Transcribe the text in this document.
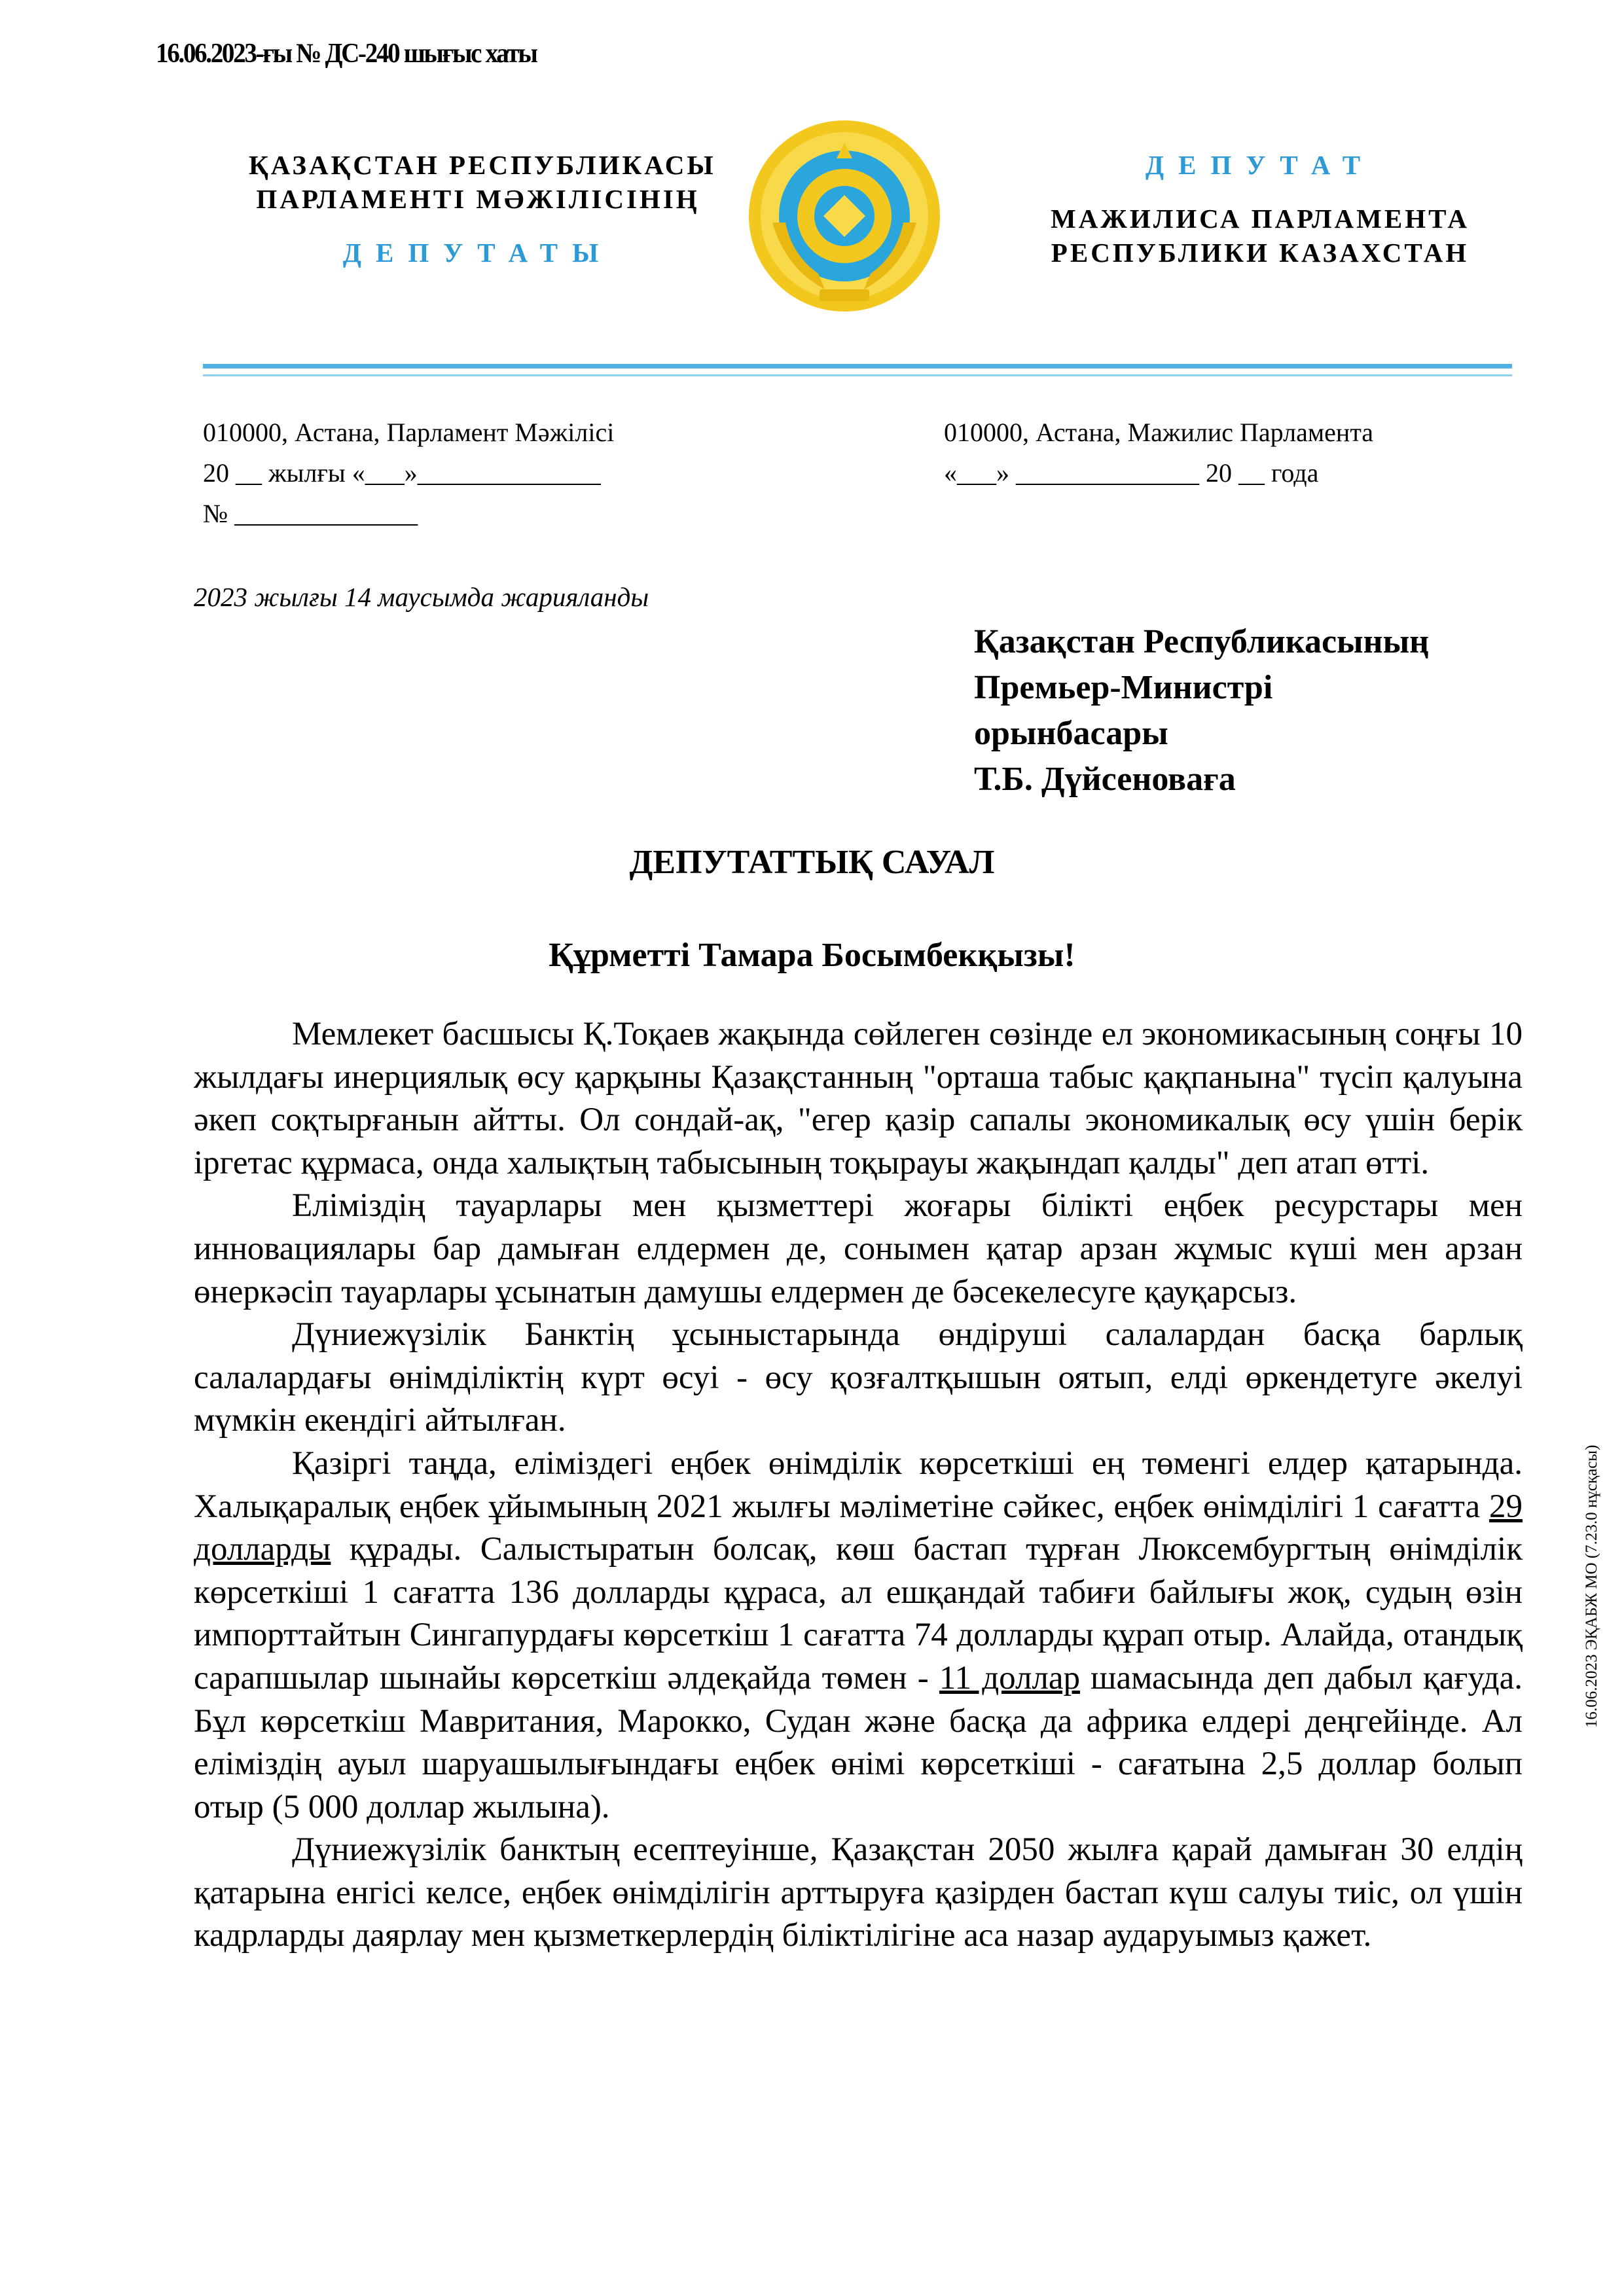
16.06.2023-ғы № ДС-240 шығыс хаты
ҚАЗАҚСТАН РЕСПУБЛИКАСЫ
ПАРЛАМЕНТІ МӘЖІЛІСІНІҢ
ДЕПУТАТЫ
ДЕПУТАТ
МАЖИЛИСА ПАРЛАМЕНТА
РЕСПУБЛИКИ КАЗАХСТАН
010000, Астана, Парламент Мәжілісі
20 __ жылғы «___»______________
№ ______________
010000, Астана, Мажилис Парламента
«___» ______________ 20 __ года
2023 жылғы 14 маусымда жарияланды
Қазақстан Республикасының
Премьер-Министрі
орынбасары
Т.Б. Дүйсеноваға
ДЕПУТАТТЫҚ САУАЛ
Құрметті Тамара Босымбекқызы!

Мемлекет басшысы Қ.Тоқаев жақында сөйлеген сөзінде ел экономикасының соңғы 10 жылдағы инерциялық өсу қарқыны Қазақстанның "орташа табыс қақпанына" түсіп қалуына әкеп соқтырғанын айтты. Ол сондай-ақ, "егер қазір сапалы экономикалық өсу үшін берік іргетас құрмаса, онда халықтың табысының тоқырауы жақындап қалды" деп атап өтті.

Еліміздің тауарлары мен қызметтері жоғары білікті еңбек ресурстары мен инновациялары бар дамыған елдермен де, сонымен қатар арзан жұмыс күші мен арзан өнеркәсіп тауарлары ұсынатын дамушы елдермен де бәсекелесуге қауқарсыз.

Дүниежүзілік Банктің ұсыныстарында өндіруші салалардан басқа барлық салалардағы өнімділіктің күрт өсуі - өсу қозғалтқышын оятып, елді өркендетуге әкелуі мүмкін екендігі айтылған.

Қазіргі таңда, еліміздегі еңбек өнімділік көрсеткіші ең төменгі елдер қатарында. Халықаралық еңбек ұйымының 2021 жылғы мәліметіне сәйкес, еңбек өнімділігі 1 сағатта 29 долларды құрады. Салыстыратын болсақ, көш бастап тұрған Люксембургтың өнімділік көрсеткіші 1 сағатта 136 долларды құраса, ал ешқандай табиғи байлығы жоқ, судың өзін импорттайтын Сингапурдағы көрсеткіш 1 сағатта 74 долларды құрап отыр. Алайда, отандық сарапшылар шынайы көрсеткіш әлдеқайда төмен - 11 доллар шамасында деп дабыл қағуда. Бұл көрсеткіш Мавритания, Марокко, Судан және басқа да африка елдері деңгейінде. Ал еліміздің ауыл шаруашылығындағы еңбек өнімі көрсеткіші - сағатына 2,5 доллар болып отыр (5 000 доллар жылына).

Дүниежүзілік банктың есептеуінше, Қазақстан 2050 жылға қарай дамыған 30 елдің қатарына енгісі келсе, еңбек өнімділігін арттыруға қазірден бастап күш салуы тиіс, ол үшін кадрларды даярлау мен қызметкерлердің біліктілігіне аса назар аударуымыз қажет.

16.06.2023 ЭҚАБЖ МО (7.23.0 нұсқасы)
